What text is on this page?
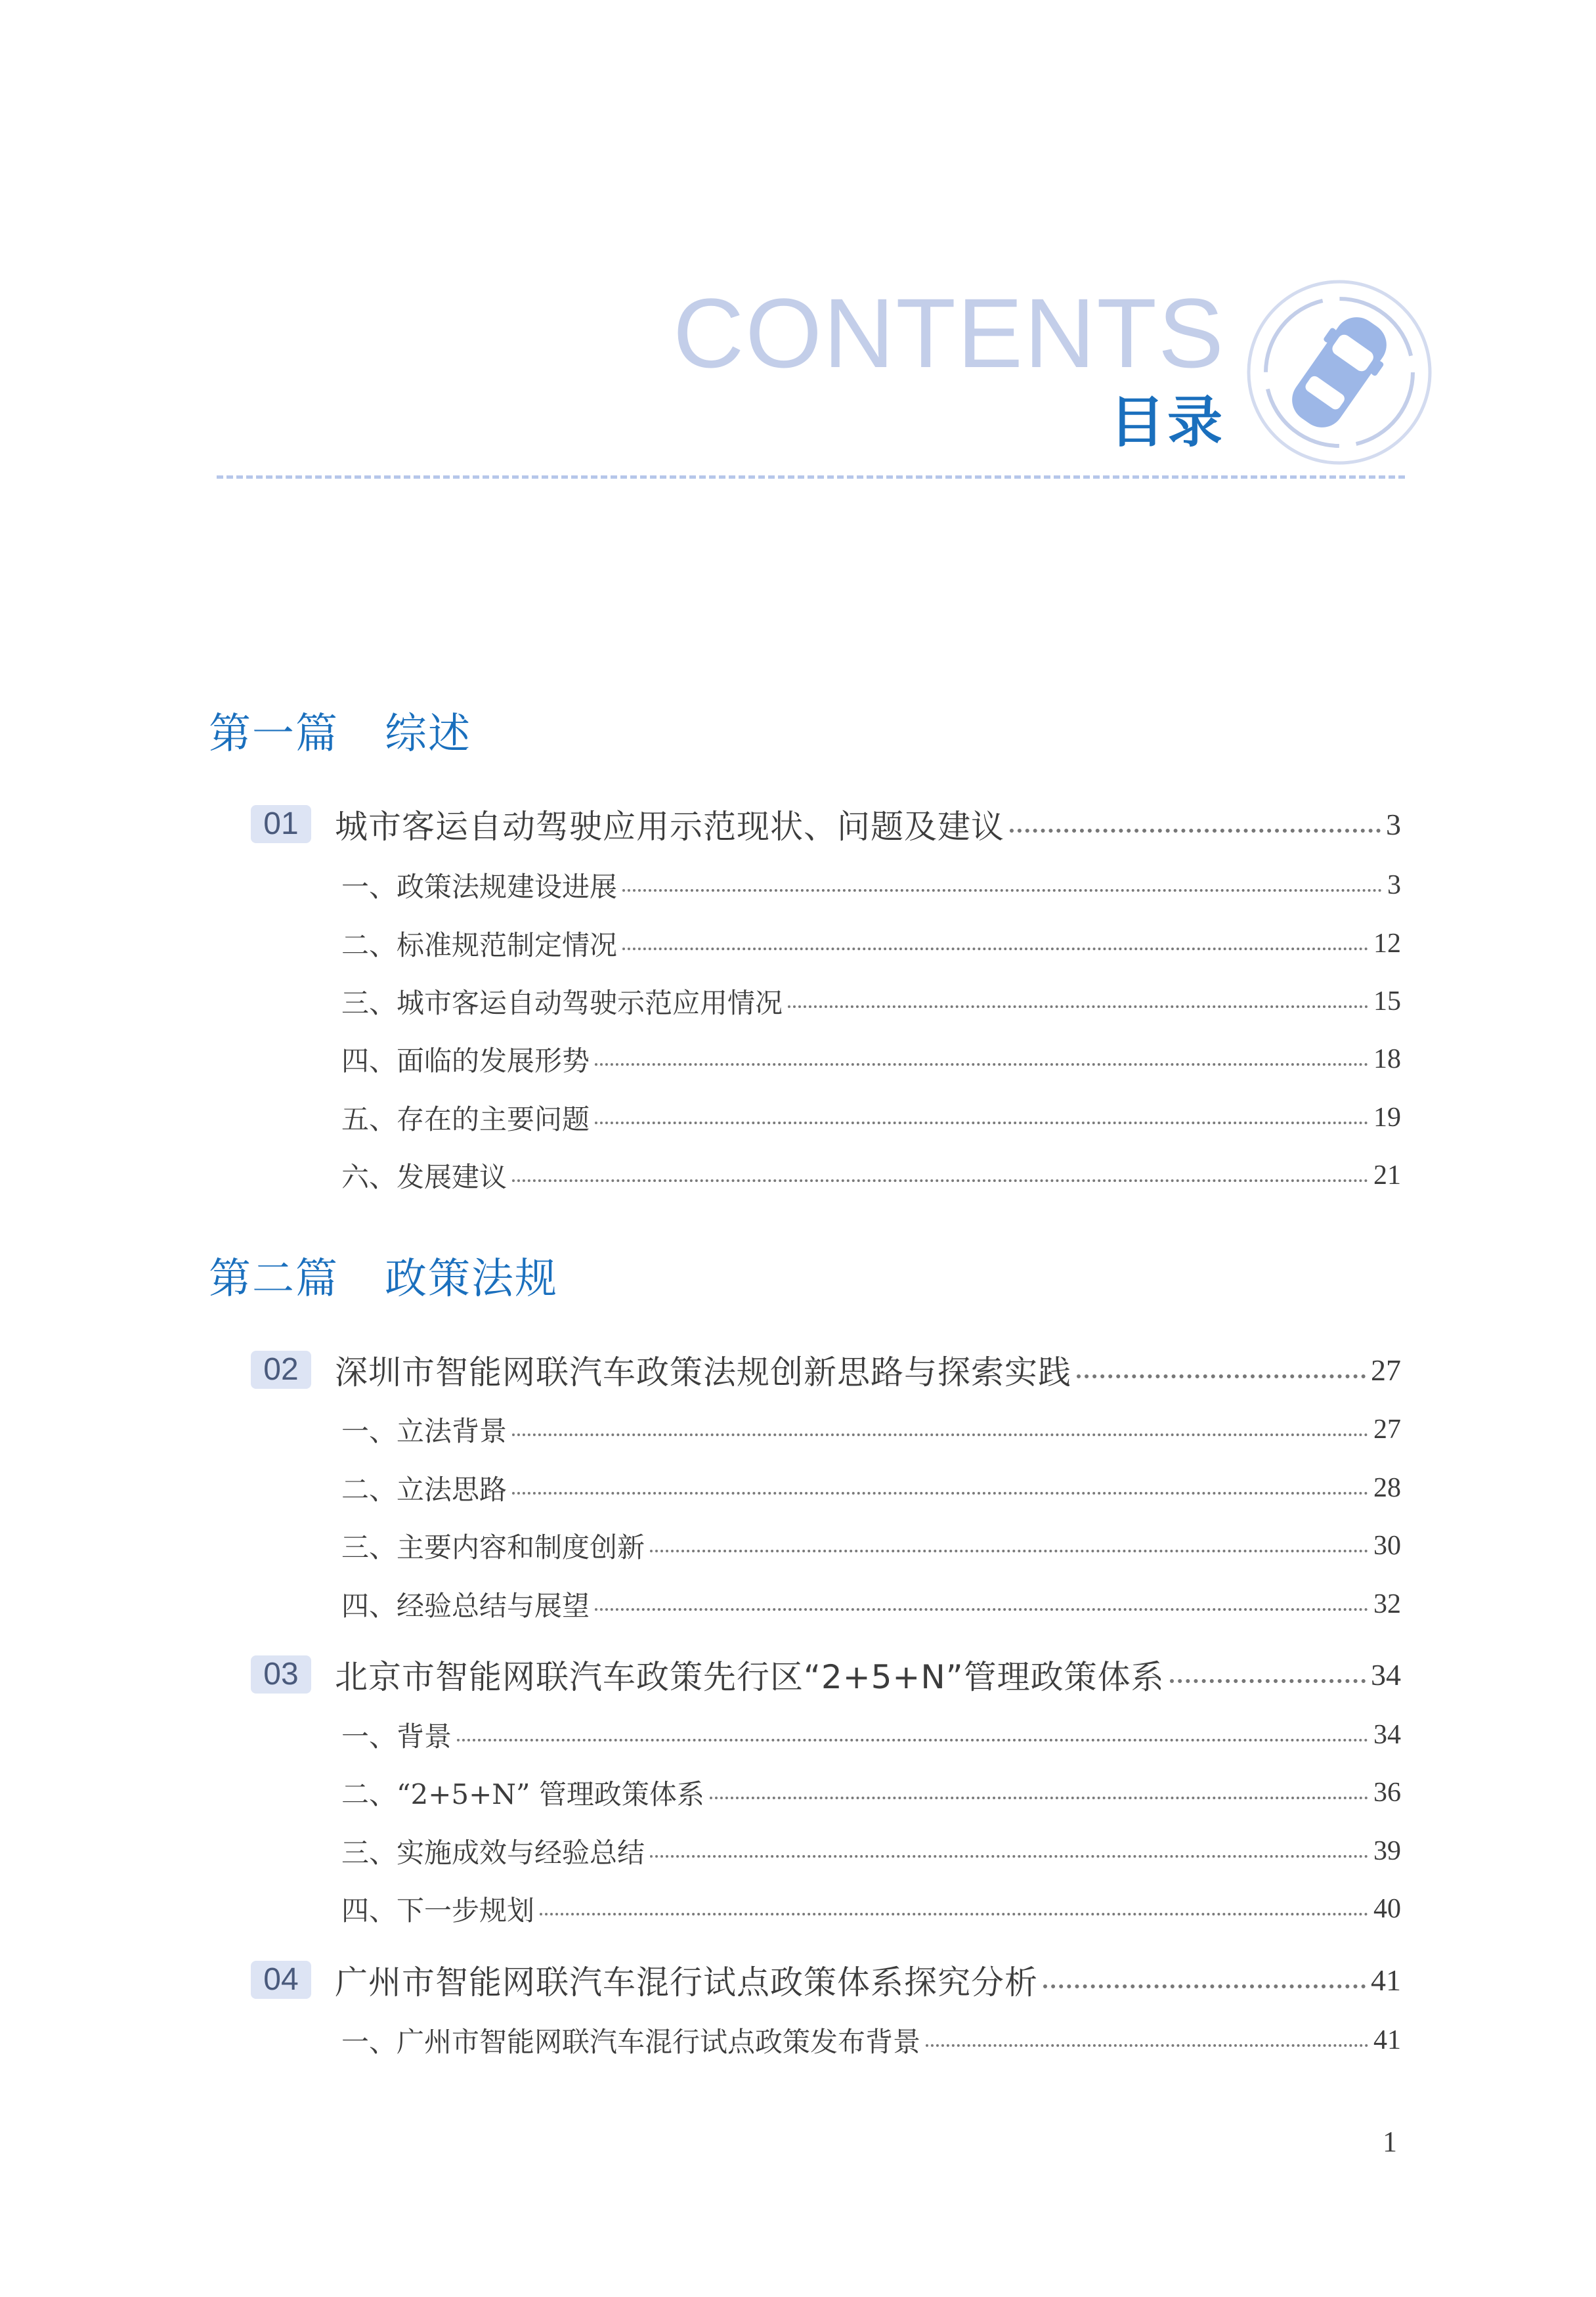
CONTENTS
目录
第一篇 综述
01	城市客运自动驾驶应用示范现状、问题及建议	3
一、政策法规建设进展	3
二、标准规范制定情况	12
三、城市客运自动驾驶示范应用情况	15
四、面临的发展形势	18
五、存在的主要问题	19
六、发展建议	21
第二篇 政策法规
02	深圳市智能网联汽车政策法规创新思路与探索实践	27
一、立法背景	27
二、立法思路	28
三、主要内容和制度创新	30
四、经验总结与展望	32
03	北京市智能网联汽车政策先行区“2+5+N”管理政策体系	34
一、背景	34
二、“2+5+N” 管理政策体系	36
三、实施成效与经验总结	39
四、下一步规划	40
04	广州市智能网联汽车混行试点政策体系探究分析	41
一、广州市智能网联汽车混行试点政策发布背景	41
1
